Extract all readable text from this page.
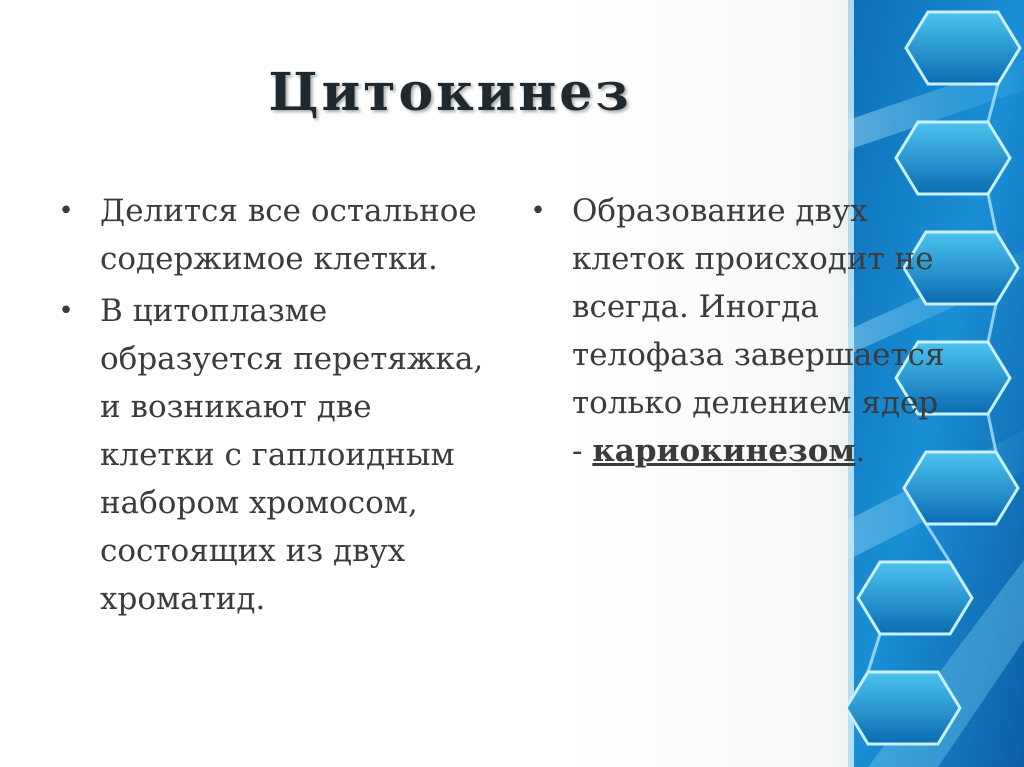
Цитокинез
• Делится все остальное содержимое клетки.
• В цитоплазме образуется перетяжка, и возникают две клетки с гаплоидным набором хромосом, состоящих из двух хроматид.
• Образование двух клеток происходит не всегда. Иногда телофаза завершается только делением ядер - кариокинезом.
